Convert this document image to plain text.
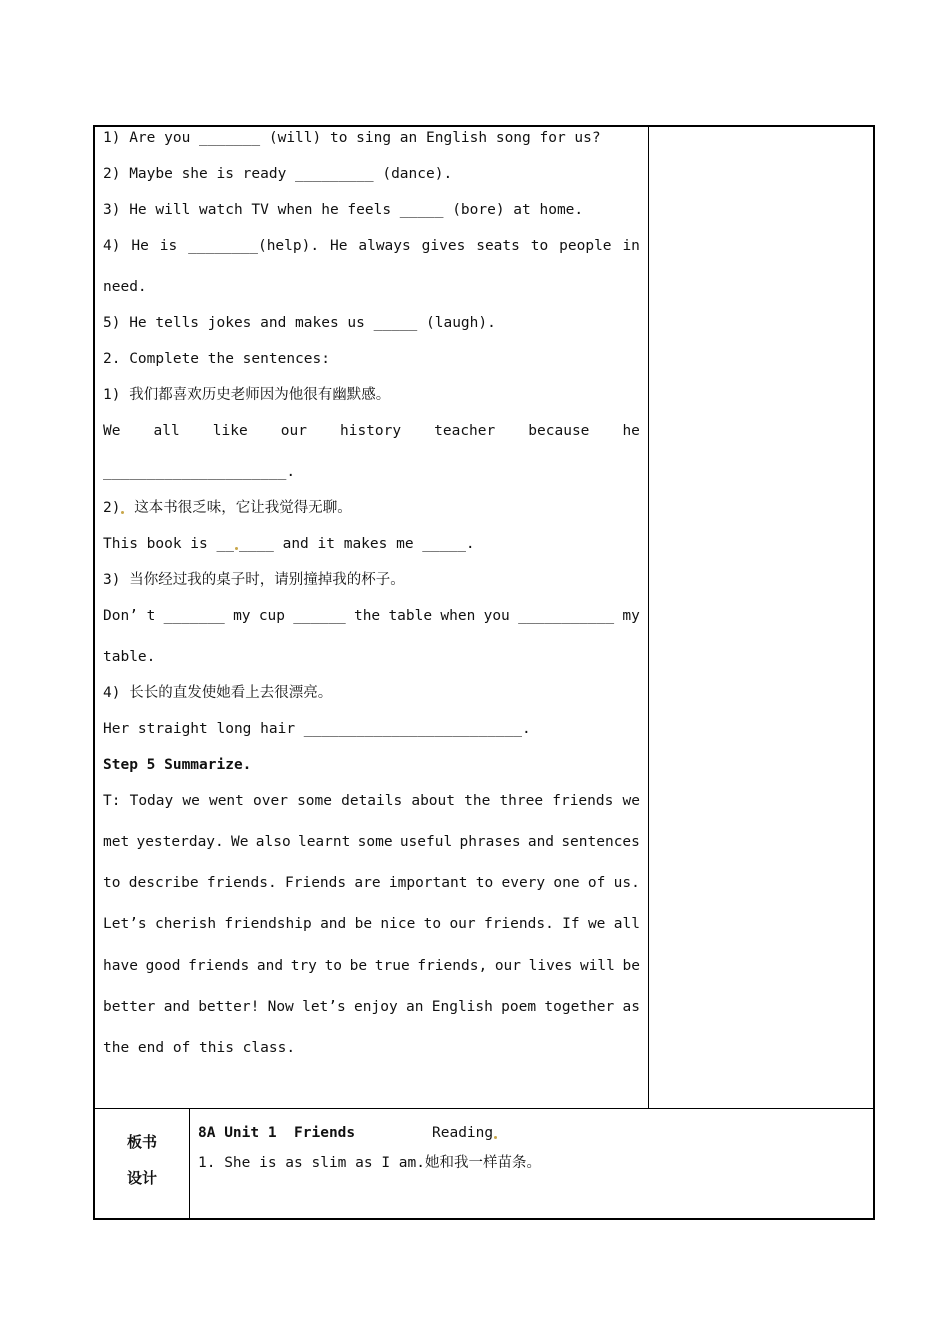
1) Are you _______ (will) to sing an English song for us?
2) Maybe she is ready _________ (dance).
3) He will watch TV when he feels _____ (bore) at home.
4) He is ________(help). He always gives seats to people in
need.
5) He tells jokes and makes us _____ (laugh).
2. Complete the sentences:
1) 我们都喜欢历史老师因为他很有幽默感。
We all like our history teacher because he
_____________________.
2) 这本书很乏味，它让我觉得无聊。
This book is __ ____ and it makes me _____.
3) 当你经过我的桌子时，请别撞掉我的杯子。
Don’ t _______ my cup ______ the table when you ___________ my
table.
4) 长长的直发使她看上去很漂亮。
Her straight long hair _________________________.
Step 5 Summarize.
T: Today we went over some details about the three friends we
met yesterday. We also learnt some useful phrases and sentences
to describe friends. Friends are important to every one of us.
Let’s cherish friendship and be nice to our friends. If we all
have good friends and try to be true friends, our lives will be
better and better! Now let’s enjoy an English poem together as
the end of this class.
板书
设计
8A Unit 1  Friends	Reading
1. She is as slim as I am.她和我一样苗条。
